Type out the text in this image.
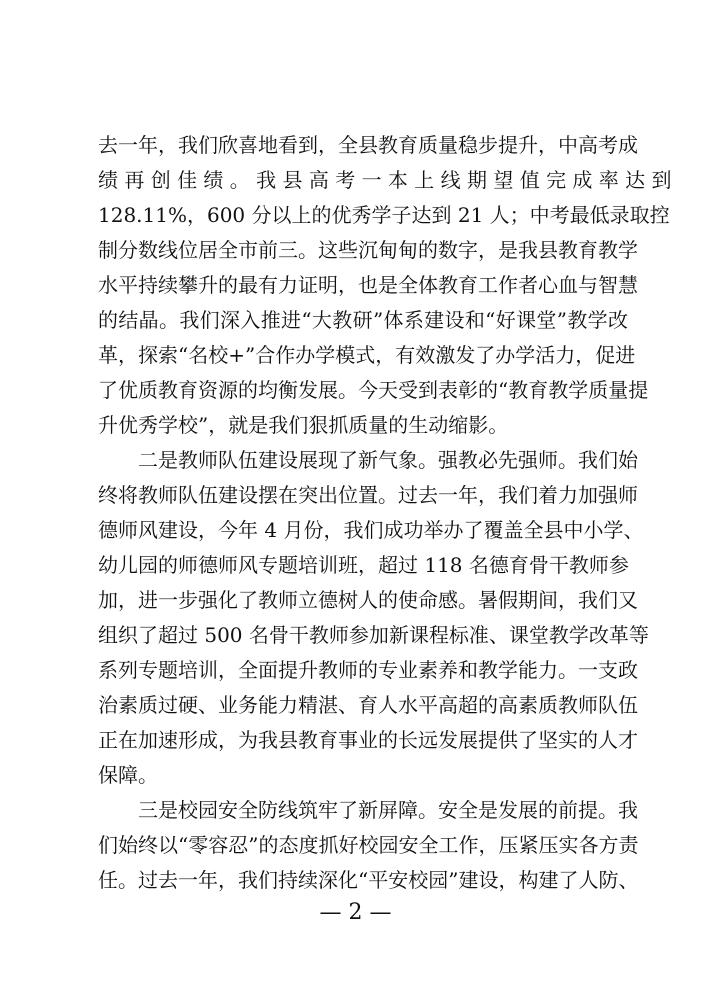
去一年，我们欣喜地看到，全县教育质量稳步提升，中高考成
绩 再 创 佳 绩 。 我 县 高 考 一 本 上 线 期 望 值 完 成 率 达 到
128.11%，600 分以上的优秀学子达到 21 人；中考最低录取控
制分数线位居全市前三。这些沉甸甸的数字，是我县教育教学
水平持续攀升的最有力证明，也是全体教育工作者心血与智慧
的结晶。我们深入推进“大教研”体系建设和“好课堂”教学改
革，探索“名校+”合作办学模式，有效激发了办学活力，促进
了优质教育资源的均衡发展。今天受到表彰的“教育教学质量提
升优秀学校”，就是我们狠抓质量的生动缩影。
二是教师队伍建设展现了新气象。强教必先强师。我们始
终将教师队伍建设摆在突出位置。过去一年，我们着力加强师
德师风建设，今年 4 月份，我们成功举办了覆盖全县中小学、
幼儿园的师德师风专题培训班，超过 118 名德育骨干教师参
加，进一步强化了教师立德树人的使命感。暑假期间，我们又
组织了超过 500 名骨干教师参加新课程标准、课堂教学改革等
系列专题培训，全面提升教师的专业素养和教学能力。一支政
治素质过硬、业务能力精湛、育人水平高超的高素质教师队伍
正在加速形成，为我县教育事业的长远发展提供了坚实的人才
保障。
三是校园安全防线筑牢了新屏障。安全是发展的前提。我
们始终以“零容忍”的态度抓好校园安全工作，压紧压实各方责
任。过去一年，我们持续深化“平安校园”建设，构建了人防、
— 2 —
